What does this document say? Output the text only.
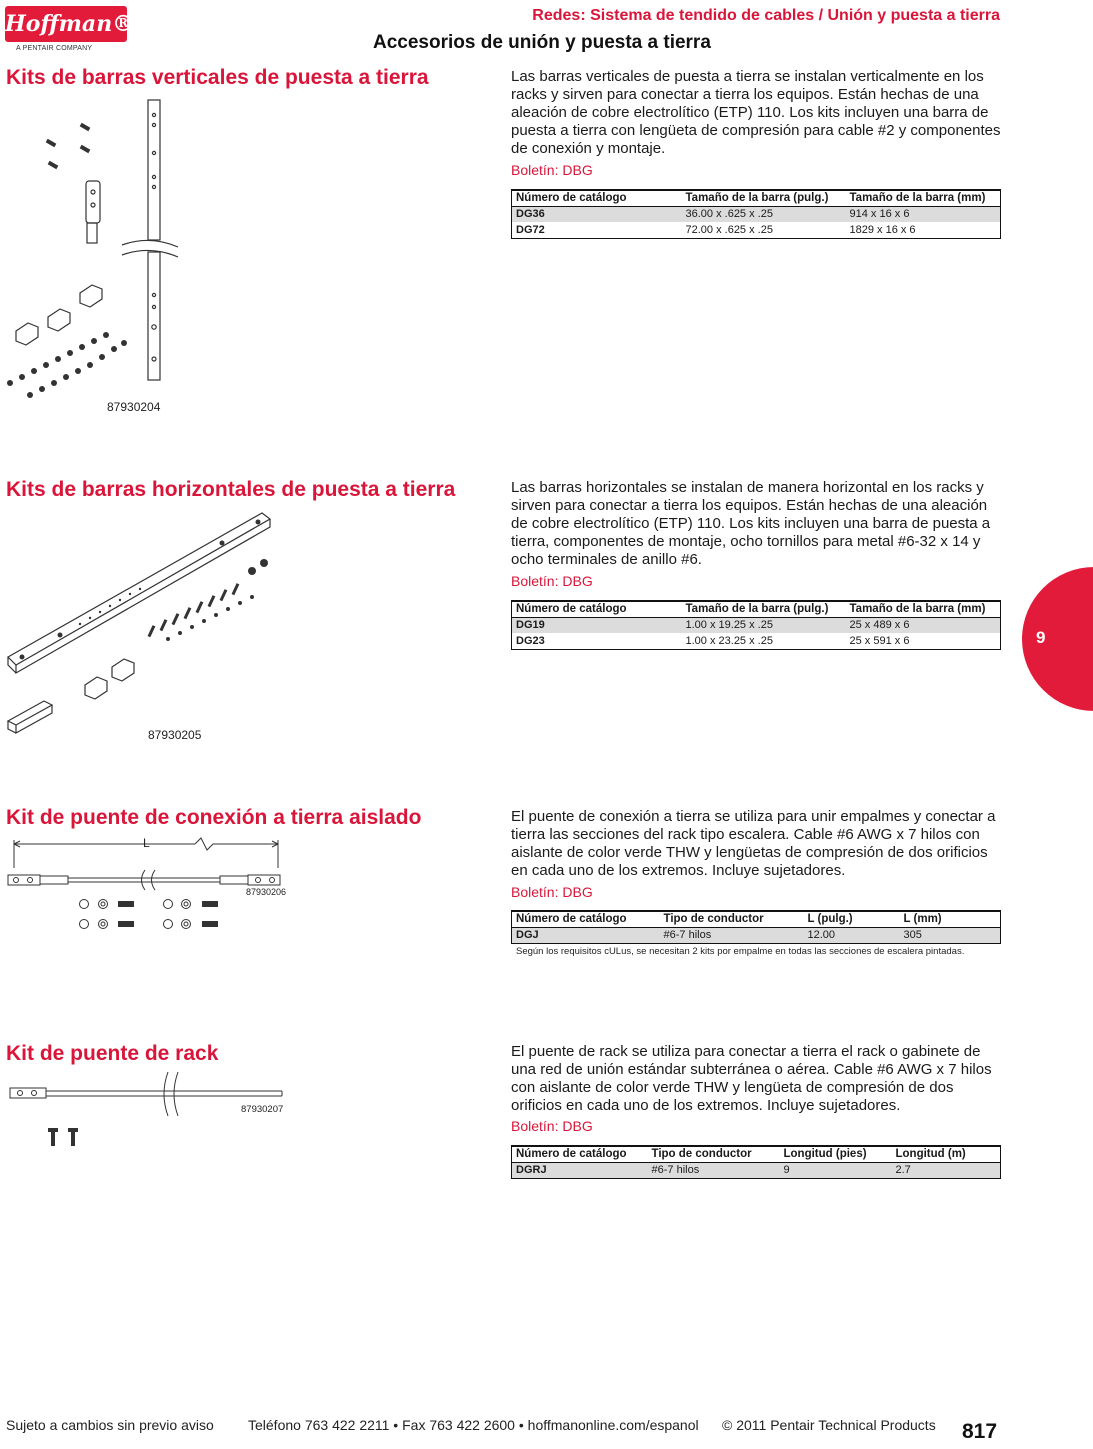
Hoffman®
A PENTAIR COMPANY
Redes: Sistema de tendido de cables / Unión y puesta a tierra
Accesorios de unión y puesta a tierra
Kits de barras verticales de puesta a tierra	Las barras verticales de puesta a tierra se instalan verticalmente en los racks y sirven para conectar a tierra los equipos. Están hechas de una aleación de cobre electrolítico (ETP) 110. Los kits incluyen una barra de puesta a tierra con lengüeta de compresión para cable #2 y componentes de conexión y montaje.
Boletín: DBG
Número de catálogo	Tamaño de la barra (pulg.)	Tamaño de la barra (mm)
DG36	36.00 x .625 x .25	914 x 16 x 6
DG72	72.00 x .625 x .25	1829 x 16 x 6
87930204
Kits de barras horizontales de puesta a tierra	Las barras horizontales se instalan de manera horizontal en los racks y sirven para conectar a tierra los equipos. Están hechas de una aleación de cobre electrolítico (ETP) 110. Los kits incluyen una barra de puesta a tierra, componentes de montaje, ocho tornillos para metal #6-32 x 14 y ocho terminales de anillo #6.
Boletín: DBG
Número de catálogo	Tamaño de la barra (pulg.)	Tamaño de la barra (mm)
DG19	1.00 x 19.25 x .25	25 x 489 x 6
DG23	1.00 x 23.25 x .25	25 x 591 x 6
87930205
Kit de puente de conexión a tierra aislado	El puente de conexión a tierra se utiliza para unir empalmes y conectar a tierra las secciones del rack tipo escalera. Cable #6 AWG x 7 hilos con aislante de color verde THW y lengüetas de compresión de dos orificios en cada uno de los extremos. Incluye sujetadores.
Boletín: DBG
Número de catálogo	Tipo de conductor	L (pulg.)	L (mm)
DGJ	#6-7 hilos	12.00	305
Según los requisitos cULus, se necesitan 2 kits por empalme en todas las secciones de escalera pintadas.
L
87930206
Kit de puente de rack	El puente de rack se utiliza para conectar a tierra el rack o gabinete de una red de unión estándar subterránea o aérea. Cable #6 AWG x 7 hilos con aislante de color verde THW y lengüeta de compresión de dos orificios en cada uno de los extremos. Incluye sujetadores.
Boletín: DBG
Número de catálogo	Tipo de conductor	Longitud (pies)	Longitud (m)
DGRJ	#6-7 hilos	9	2.7
87930207
9
Sujeto a cambios sin previo aviso Teléfono 763 422 2211 • Fax 763 422 2600 • hoffmanonline.com/espanol © 2011 Pentair Technical Products 817
